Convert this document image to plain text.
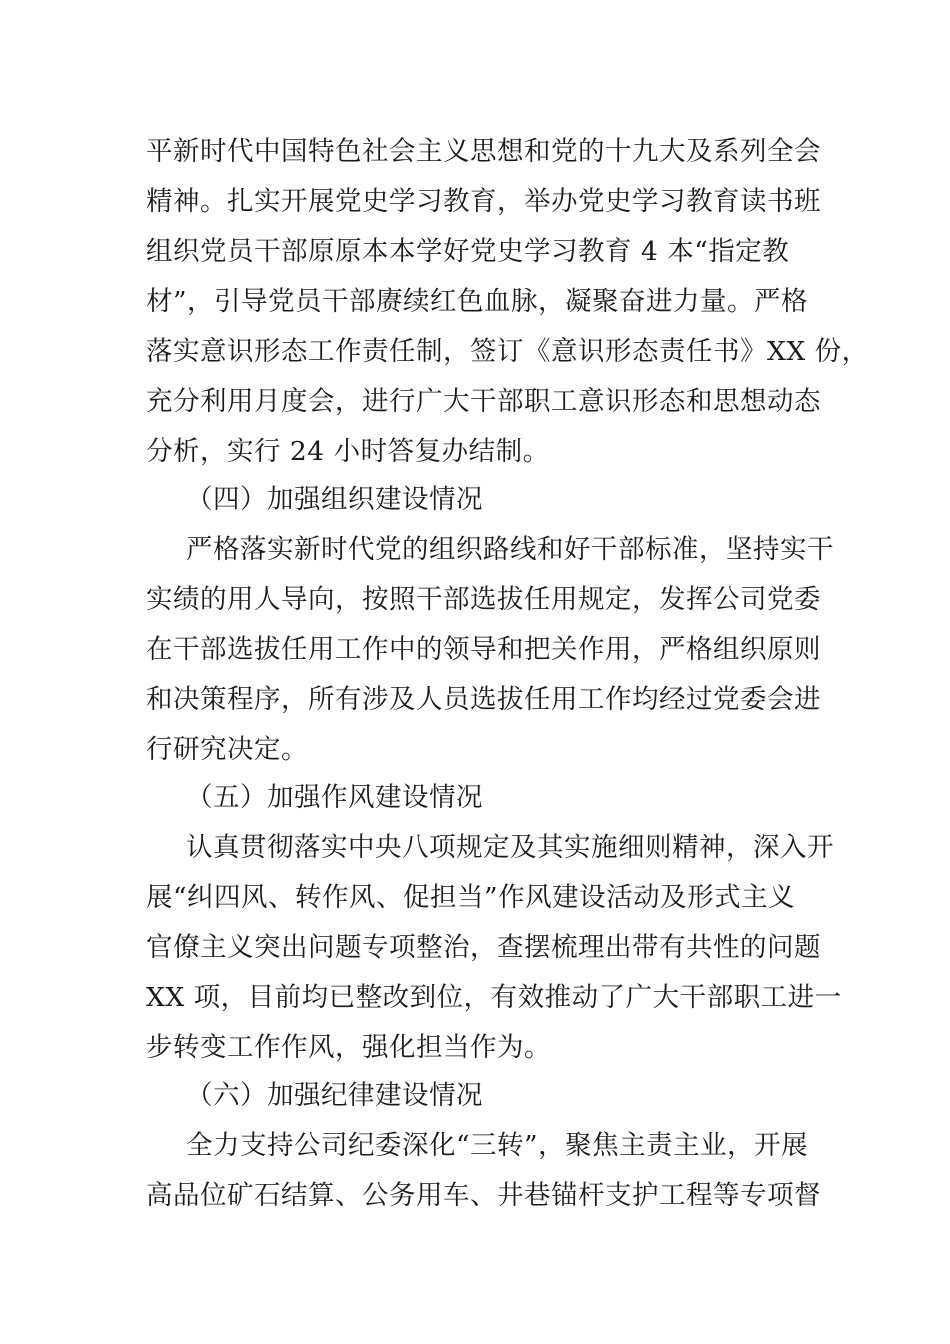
平新时代中国特色社会主义思想和党的十九大及系列全会
精神。扎实开展党史学习教育，举办党史学习教育读书班
组织党员干部原原本本学好党史学习教育 4 本“指定教
材”，引导党员干部赓续红色血脉，凝聚奋进力量。严格
落实意识形态工作责任制，签订《意识形态责任书》XX 份，
充分利用月度会，进行广大干部职工意识形态和思想动态
分析，实行 24 小时答复办结制。
（四）加强组织建设情况
严格落实新时代党的组织路线和好干部标准，坚持实干
实绩的用人导向，按照干部选拔任用规定，发挥公司党委
在干部选拔任用工作中的领导和把关作用，严格组织原则
和决策程序，所有涉及人员选拔任用工作均经过党委会进
行研究决定。
（五）加强作风建设情况
认真贯彻落实中央八项规定及其实施细则精神，深入开
展“纠四风、转作风、促担当”作风建设活动及形式主义
官僚主义突出问题专项整治，查摆梳理出带有共性的问题
XX 项，目前均已整改到位，有效推动了广大干部职工进一
步转变工作作风，强化担当作为。
（六）加强纪律建设情况
全力支持公司纪委深化“三转”，聚焦主责主业，开展
高品位矿石结算、公务用车、井巷锚杆支护工程等专项督
